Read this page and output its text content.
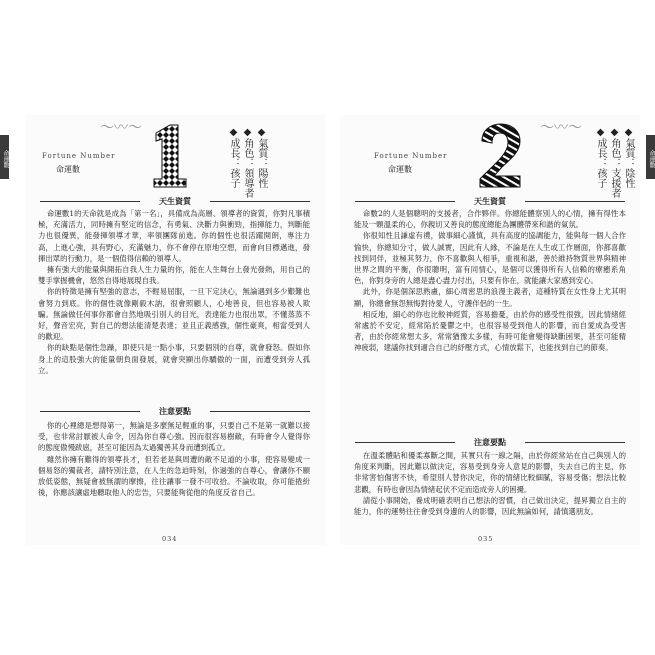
命運數
～〰～
Fortune Number
命運數	◆氣質：陽性
◆角色：領導者
◆成長：孩子
天生資質

命運數1的天命就是成為「第一名」，具備成為高層、領導者的資質，你對凡事積極，充滿活力，同時擁有堅定的信念，有勇氣、決斷力與衝勁，指揮能力，判斷能力也很優異，能發揮領導才華，率領團隊前進。你的個性也很活躍開朗，專注力高，上進心強，具有野心，充滿魅力，你不會停在原地空想，而會向目標邁進，發揮出眾的行動力，是一個值得信賴的領導人。

擁有強大的能量與開拓自我人生力量的你，能在人生舞台上發光發熱，用自己的雙手掌握機會，悠然自得地展現自我。

你的特徵是擁有堅強的意志，不輕易屈服，一旦下定決心，無論遇到多少艱難也會努力到底。你的個性就像剛毅木訥，很會照顧人，心地善良，但也容易被人欺騙。無論做任何事你都會自然地吸引別人的目光，表達能力也很出眾，不懂蒸蒸不好，聲音宏亮，對自己的想法能清楚表達；並且正義感強，個性豪爽，相當受到人的歡迎。

你的缺點是個性急躁，即使只是一點小事，只要個別的自尊，就會發怒。假如你身上的這股強大的能量朝負面發展，就會突顯出你驕傲的一面，而遭受到旁人孤立。

注意要點

你的心裡總是想得第一，無論是多麼無足輕重的事，只要自己不是第一就難以接受，也非常討厭被人命令，因為你自尊心強。因而很容易樹敵，有時會令人覺得你的態度傲慢跋扈，甚至可能因為太過獨善其身而遭到孤立。

雖然你擁有難得的領導長才，但若老是與周遭的敵不足道的小事，使容易變成一個易怒的獨裁者，請特別注意，在人生的急迫時刻，你過強的自尊心，會讓你不願放低姿態，無疑會被無謂的摩擦，往往讓事一發不可收拾。不論收取，你可能捲紛後，你應該讓虛地聽取他人的忠告，只要能夠從他的角度反省自己。

034
命運數
～〰～
Fortune Number
命運數	◆氣質：陰性
◆角色：支援者
◆成長：孩子
天生資質

命數2的人是個聰明的支援者，合作夥伴。你總能體察別人的心情，擁有得性本能及一顆溫柔的心，你親切又善良的態度總能為團體帶來和諧的氣氛。

你很知性且謙虛有禮，做事細心謹慎，具有高度的協調能力，能與每一個人合作愉快，你總知分寸，做人誠實，因此有人緣，不論是在人生或工作層面，你都喜歡找到同伴，並極其努力，你不喜歡與人相爭，重視和諧，善於維持物質世界與精神世界之間的平衡，你很聰明，富有同情心，是個可以獲得所有人信賴的療癒系角色，你對身旁的人總是盡心盡力付出，只要有你在，就能讓大家感到安心。

此外，你是個深思熟慮，細心周密思的浪漫主義者，這種特質在女性身上尤其明顯，你總會無怨無悔對待愛人，守護伴侶的一生。

相反地，細心的你也比較神經質，容易擔憂，由於你的感受性很強，因此情緒經常處於不安定，經常陷於憂鬱之中，也很容易受到他人的影響，而自愛成為受害者，由於你經常想太多，常常猶豫太多樣，有時可能會變得缺斷困果，甚至可能精神疲弱，建議你找到適合自己的紓壓方式，心情放鬆下，也能找到自己的節奏。

注意要點

在溫柔體貼和優柔寡斷之間，其實只有一線之隔，由於你經常站在自己與別人的角度來判斷，因此難以做決定，容易受到身旁人意見的影響，失去自己的主見，你非常害怕傷害不快，希望別人替你決定，你的情緒比較細膩，容易受傷；想法比較悲觀，有時也會因為情緒起伏不定而造成旁人的困擾。

請從小事開始，養成明確表明自己想法的習慣，自己做出決定，提昇獨立自主的能力，你的運勢往往會受到身邊的人的影響，因此無論如何，請慎選朋友。

035
